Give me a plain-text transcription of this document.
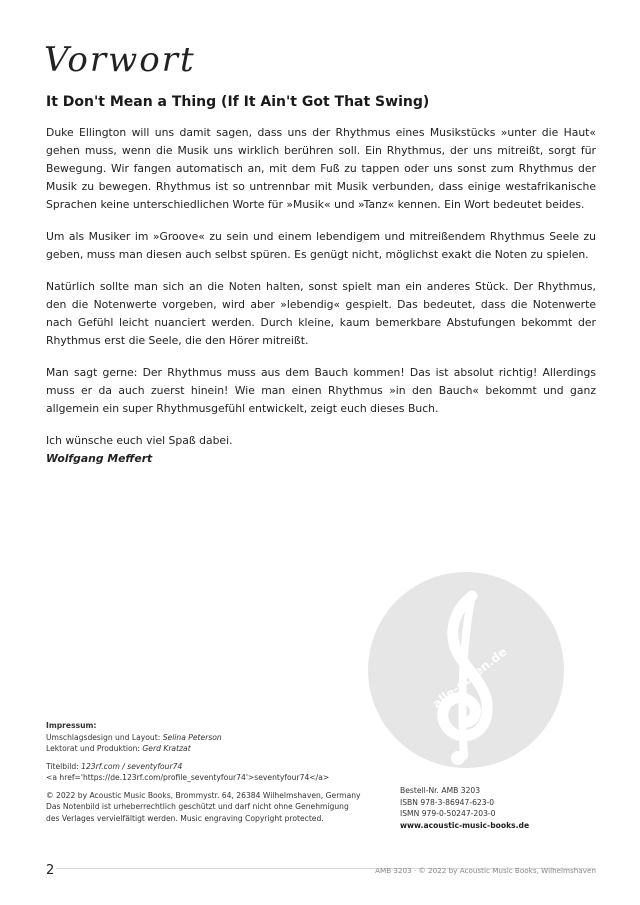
Vorwort
It Don't Mean a Thing (If It Ain't Got That Swing)

Duke Ellington will uns damit sagen, dass uns der Rhythmus eines Musikstücks »unter die Haut« gehen muss, wenn die Musik uns wirklich berühren soll. Ein Rhythmus, der uns mitreißt, sorgt für Bewegung. Wir fangen automatisch an, mit dem Fuß zu tappen oder uns sonst zum Rhythmus der Musik zu bewegen. Rhythmus ist so untrennbar mit Musik verbunden, dass einige westafrikanische Sprachen keine unterschiedlichen Worte für »Musik« und »Tanz« kennen. Ein Wort bedeutet beides.

Um als Musiker im »Groove« zu sein und einem lebendigem und mitreißendem Rhythmus Seele zu geben, muss man diesen auch selbst spüren. Es genügt nicht, möglichst exakt die Noten zu spielen.

Natürlich sollte man sich an die Noten halten, sonst spielt man ein anderes Stück. Der Rhythmus, den die Notenwerte vorgeben, wird aber »lebendig« gespielt. Das bedeutet, dass die Notenwerte nach Gefühl leicht nuanciert werden. Durch kleine, kaum bemerkbare Abstufungen bekommt der Rhythmus erst die Seele, die den Hörer mitreißt.

Man sagt gerne: Der Rhythmus muss aus dem Bauch kommen! Das ist absolut richtig! Allerdings muss er da auch zuerst hinein! Wie man einen Rhythmus »in den Bauch« bekommt und ganz allgemein ein super Rhythmusgefühl entwickelt, zeigt euch dieses Buch.

Ich wünsche euch viel Spaß dabei.

Wolfgang Meffert

alle-noten.de
Impressum:
Umschlagsdesign und Layout: Selina Peterson
Lektorat und Produktion: Gerd Kratzat
Titelbild: 123rf.com / seventyfour74
<a href='https://de.123rf.com/profile_seventyfour74'>seventyfour74</a>
© 2022 by Acoustic Music Books, Brommystr. 64, 26384 Wilhelmshaven, Germany
Das Notenbild ist urheberrechtlich geschützt und darf nicht ohne Genehmigung
des Verlages vervielfältigt werden. Music engraving Copyright protected.
Bestell-Nr. AMB 3203
ISBN 978-3-86947-623-0
ISMN 979-0-50247-203-0
www.acoustic-music-books.de
2	AMB 3203 · © 2022 by Acoustic Music Books, Wilhelmshaven
